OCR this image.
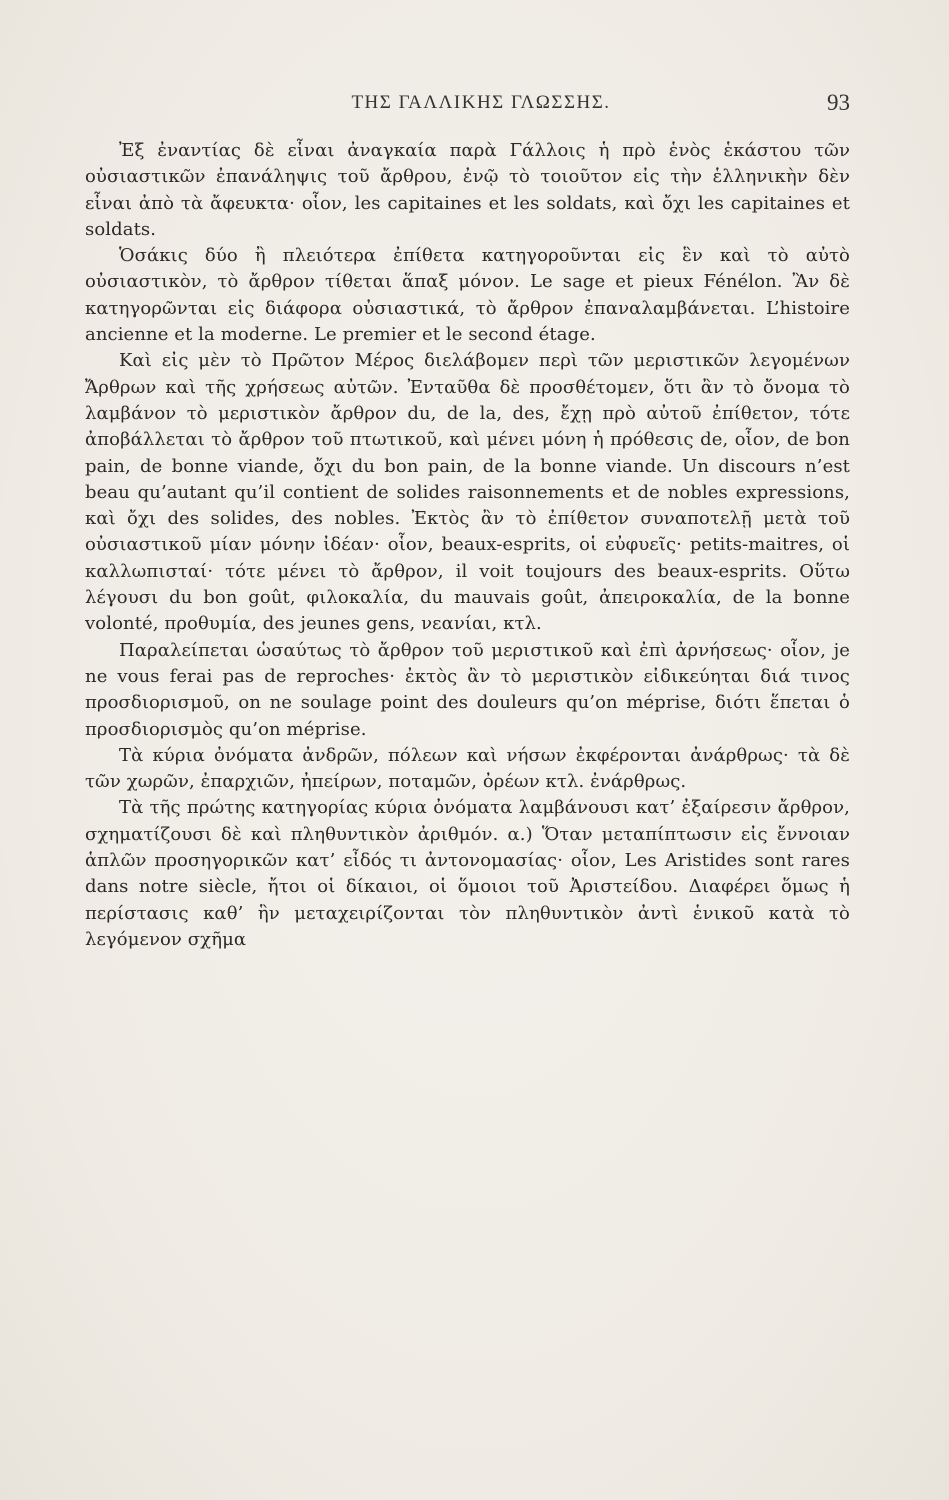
ΤΗΣ ΓΑΛΛΙΚΗΣ ΓΛΩΣΣΗΣ.	93

Ἐξ ἐναντίας δὲ εἶναι ἀναγκαία παρὰ Γάλλοις ἡ πρὸ ἑνὸς ἑκάστου τῶν οὐσιαστικῶν ἐπανάληψις τοῦ ἄρθρου, ἐνῷ τὸ τοιοῦτον εἰς τὴν ἑλληνικὴν δὲν εἶναι ἀπὸ τὰ ἄφευκτα· οἷον, les capitaines et les soldats, καὶ ὄχι les capitaines et soldats.

Ὁσάκις δύο ἢ πλειότερα ἐπίθετα κατηγοροῦνται εἰς ἓν καὶ τὸ αὐτὸ οὐσιαστικὸν, τὸ ἄρθρον τίθεται ἅπαξ μόνον. Le sage et pieux Fénélon. Ἂν δὲ κατηγορῶνται εἰς διάφορα οὐσιαστικά, τὸ ἄρθρον ἐπαναλαμβάνεται. L’histoire ancienne et la moderne. Le premier et le second étage.

Καὶ εἰς μὲν τὸ Πρῶτον Μέρος διελάβομεν περὶ τῶν μεριστικῶν λεγομένων Ἄρθρων καὶ τῆς χρήσεως αὐτῶν. Ἐνταῦθα δὲ προσθέτομεν, ὅτι ἂν τὸ ὄνομα τὸ λαμβάνον τὸ μεριστικὸν ἄρθρον du, de la, des, ἔχῃ πρὸ αὐτοῦ ἐπίθετον, τότε ἀποβάλλεται τὸ ἄρθρον τοῦ πτωτικοῦ, καὶ μένει μόνη ἡ πρόθεσις de, οἷον, de bon pain, de bonne viande, ὄχι du bon pain, de la bonne viande. Un discours n’est beau qu’autant qu’il contient de solides raisonnements et de nobles expressions, καὶ ὄχι des solides, des nobles. Ἐκτὸς ἂν τὸ ἐπίθετον συναποτελῇ μετὰ τοῦ οὐσιαστικοῦ μίαν μόνην ἰδέαν· οἷον, beaux-esprits, οἱ εὐφυεῖς· petits-maitres, οἱ καλλωπισταί· τότε μένει τὸ ἄρθρον, il voit toujours des beaux-esprits. Οὕτω λέγουσι du bon goût, φιλοκαλία, du mauvais goût, ἀπειροκαλία, de la bonne volonté, προθυμία, des jeunes gens, νεανίαι, κτλ.

Παραλείπεται ὡσαύτως τὸ ἄρθρον τοῦ μεριστικοῦ καὶ ἐπὶ ἀρνήσεως· οἷον, je ne vous ferai pas de reproches· ἐκτὸς ἂν τὸ μεριστικὸν εἰδικεύηται διά τινος προσδιορισμοῦ, on ne soulage point des douleurs qu’on méprise, διότι ἕπεται ὁ προσδιορισμὸς qu’on méprise.

Τὰ κύρια ὀνόματα ἀνδρῶν, πόλεων καὶ νήσων ἐκφέρονται ἀνάρθρως· τὰ δὲ τῶν χωρῶν, ἐπαρχιῶν, ἠπείρων, ποταμῶν, ὀρέων κτλ. ἐνάρθρως.

Τὰ τῆς πρώτης κατηγορίας κύρια ὀνόματα λαμβάνουσι κατ’ ἐξαίρεσιν ἄρθρον, σχηματίζουσι δὲ καὶ πληθυντικὸν ἀριθμόν. α.) Ὅταν μεταπίπτωσιν εἰς ἔννοιαν ἁπλῶν προσηγορικῶν κατ’ εἶδός τι ἀντονομασίας· οἷον, Les Aristides sont rares dans notre siècle, ἤτοι οἱ δίκαιοι, οἱ ὅμοιοι τοῦ Ἀριστείδου. Διαφέρει ὅμως ἡ περίστασις καθ’ ἣν μεταχειρίζονται τὸν πληθυντικὸν ἀντὶ ἑνικοῦ κατὰ τὸ λεγόμενον σχῆμα
